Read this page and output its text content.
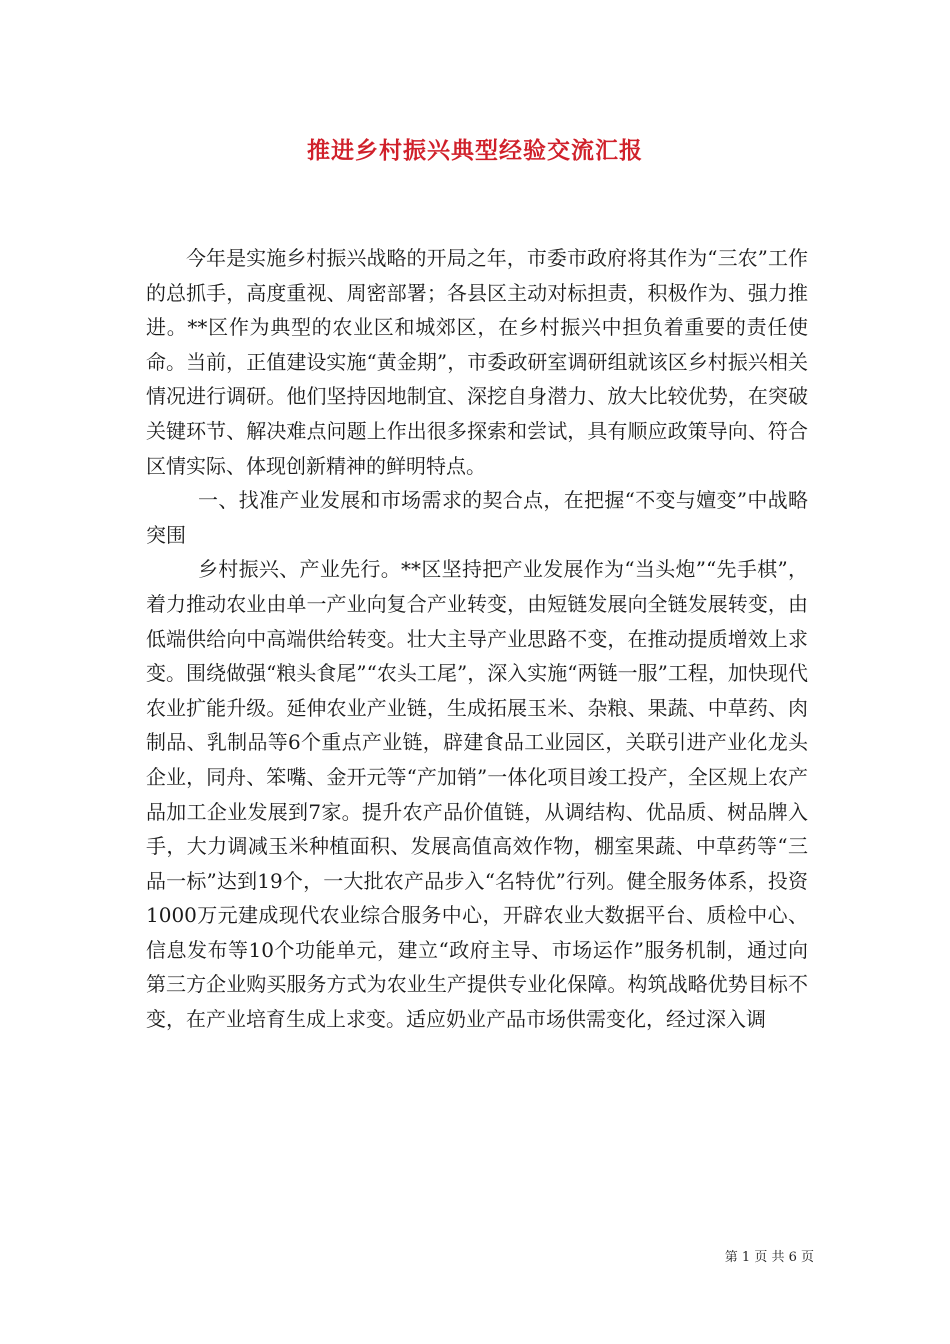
推进乡村振兴典型经验交流汇报

今年是实施乡村振兴战略的开局之年，市委市政府将其作为“三农”工作的总抓手，高度重视、周密部署；各县区主动对标担责，积极作为、强力推进。**区作为典型的农业区和城郊区，在乡村振兴中担负着重要的责任使命。当前，正值建设实施“黄金期”，市委政研室调研组就该区乡村振兴相关情况进行调研。他们坚持因地制宜、深挖自身潜力、放大比较优势，在突破关键环节、解决难点问题上作出很多探索和尝试，具有顺应政策导向、符合区情实际、体现创新精神的鲜明特点。

一、找准产业发展和市场需求的契合点，在把握“不变与嬗变”中战略突围

乡村振兴、产业先行。**区坚持把产业发展作为“当头炮”“先手棋”，着力推动农业由单一产业向复合产业转变，由短链发展向全链发展转变，由低端供给向中高端供给转变。壮大主导产业思路不变，在推动提质增效上求变。围绕做强“粮头食尾”“农头工尾”，深入实施“两链一服”工程，加快现代农业扩能升级。延伸农业产业链，生成拓展玉米、杂粮、果蔬、中草药、肉制品、乳制品等6个重点产业链，辟建食品工业园区，关联引进产业化龙头企业，同舟、笨嘴、金开元等“产加销”一体化项目竣工投产，全区规上农产品加工企业发展到7家。提升农产品价值链，从调结构、优品质、树品牌入手，大力调减玉米种植面积、发展高值高效作物，棚室果蔬、中草药等“三品一标”达到19个，一大批农产品步入“名特优”行列。健全服务体系，投资1000万元建成现代农业综合服务中心，开辟农业大数据平台、质检中心、信息发布等10个功能单元，建立“政府主导、市场运作”服务机制，通过向第三方企业购买服务方式为农业生产提供专业化保障。构筑战略优势目标不变，在产业培育生成上求变。适应奶业产品市场供需变化，经过深入调

第 1 页 共 6 页
